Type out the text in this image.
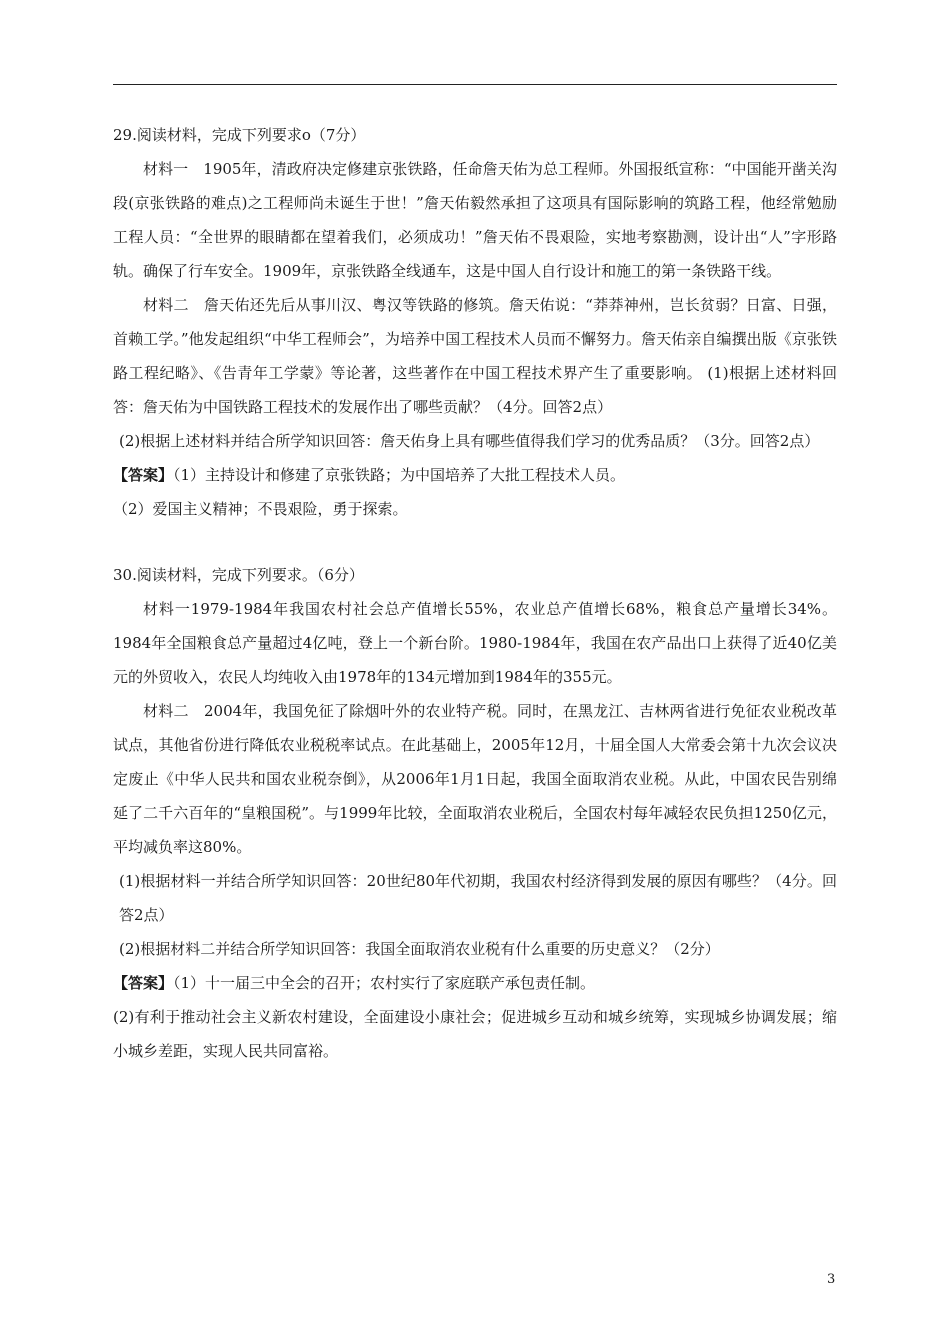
29.阅读材料，完成下列要求o（7分）

材料一　1905年，清政府决定修建京张铁路，任命詹天佑为总工程师。外国报纸宣称：“中国能开凿关沟段(京张铁路的难点)之工程师尚未诞生于世！”詹天佑毅然承担了这项具有国际影响的筑路工程，他经常勉励工程人员：“全世界的眼睛都在望着我们，必须成功！”詹天佑不畏艰险，实地考察勘测，设计出“人”字形路轨。确保了行车安全。1909年，京张铁路全线通车，这是中国人自行设计和施工的第一条铁路干线。

材料二　詹天佑还先后从事川汉、粤汉等铁路的修筑。詹天佑说：“莽莽神州，岂长贫弱？日富、日强，首赖工学。”他发起组织“中华工程师会”，为培养中国工程技术人员而不懈努力。詹天佑亲自编撰出版《京张铁路工程纪略》、《告青年工学蒙》等论著，这些著作在中国工程技术界产生了重要影响。 (1)根据上述材料回答：詹天佑为中国铁路工程技术的发展作出了哪些贡献？（4分。回答2点）

(2)根据上述材料并结合所学知识回答：詹天佑身上具有哪些值得我们学习的优秀品质？（3分。回答2点）

【答案】（1）主持设计和修建了京张铁路；为中国培养了大批工程技术人员。

（2）爱国主义精神；不畏艰险，勇于探索。

30.阅读材料，完成下列要求。（6分）

材料一1979-1984年我国农村社会总产值增长55%，农业总产值增长68%，粮食总产量增长34%。1984年全国粮食总产量超过4亿吨，登上一个新台阶。1980-1984年，我国在农产品出口上获得了近40亿美元的外贸收入，农民人均纯收入由1978年的134元增加到1984年的355元。

材料二　2004年，我国免征了除烟叶外的农业特产税。同时，在黑龙江、吉林两省进行免征农业税改革试点，其他省份进行降低农业税税率试点。在此基础上，2005年12月，十届全国人大常委会第十九次会议决定废止《中华人民共和国农业税奈倒》，从2006年1月1日起，我国全面取消农业税。从此，中国农民告别绵延了二千六百年的“皇粮国税”。与1999年比较，全面取消农业税后，全国农村每年减轻农民负担1250亿元，平均减负率这80%。

(1)根据材料一并结合所学知识回答：20世纪80年代初期，我国农村经济得到发展的原因有哪些？（4分。回答2点）

(2)根据材料二并结合所学知识回答：我国全面取消农业税有什么重要的历史意义？（2分）

【答案】（1）十一届三中全会的召开；农村实行了家庭联产承包责任制。

(2)有利于推动社会主义新农村建设，全面建设小康社会；促进城乡互动和城乡统筹，实现城乡协调发展；缩小城乡差距，实现人民共同富裕。

3
